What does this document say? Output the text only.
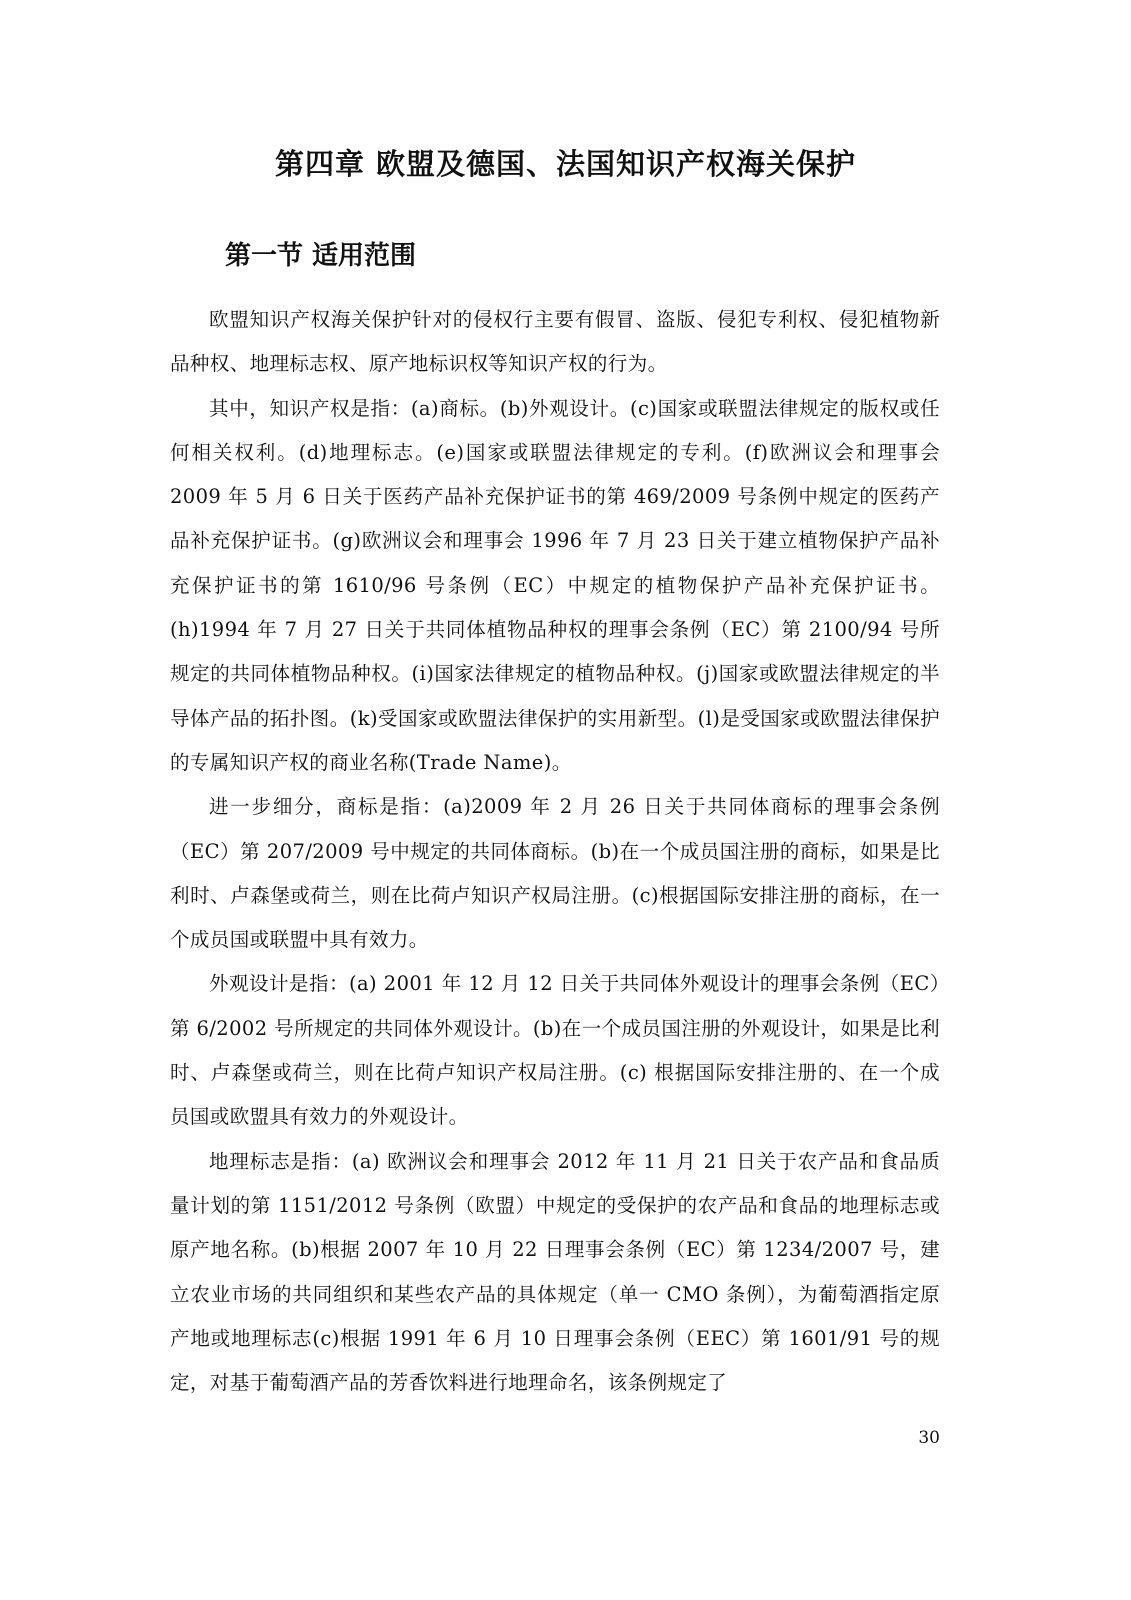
第四章 欧盟及德国、法国知识产权海关保护
第一节 适用范围

欧盟知识产权海关保护针对的侵权行主要有假冒、盗版、侵犯专利权、侵犯植物新品种权、地理标志权、原产地标识权等知识产权的行为。

其中，知识产权是指：(a)商标。(b)外观设计。(c)国家或联盟法律规定的版权或任何相关权利。(d)地理标志。(e)国家或联盟法律规定的专利。(f)欧洲议会和理事会 2009 年 5 月 6 日关于医药产品补充保护证书的第 469/2009 号条例中规定的医药产品补充保护证书。(g)欧洲议会和理事会 1996 年 7 月 23 日关于建立植物保护产品补充保护证书的第 1610/96 号条例（EC）中规定的植物保护产品补充保护证书。(h)1994 年 7 月 27 日关于共同体植物品种权的理事会条例（EC）第 2100/94 号所规定的共同体植物品种权。(i)国家法律规定的植物品种权。(j)国家或欧盟法律规定的半导体产品的拓扑图。(k)受国家或欧盟法律保护的实用新型。(l)是受国家或欧盟法律保护的专属知识产权的商业名称(Trade Name)。

进一步细分，商标是指：(a)2009 年 2 月 26 日关于共同体商标的理事会条例（EC）第 207/2009 号中规定的共同体商标。(b)在一个成员国注册的商标，如果是比利时、卢森堡或荷兰，则在比荷卢知识产权局注册。(c)根据国际安排注册的商标，在一个成员国或联盟中具有效力。

外观设计是指：(a) 2001 年 12 月 12 日关于共同体外观设计的理事会条例（EC）第 6/2002 号所规定的共同体外观设计。(b)在一个成员国注册的外观设计，如果是比利时、卢森堡或荷兰，则在比荷卢知识产权局注册。(c) 根据国际安排注册的、在一个成员国或欧盟具有效力的外观设计。

地理标志是指：(a) 欧洲议会和理事会 2012 年 11 月 21 日关于农产品和食品质量计划的第 1151/2012 号条例（欧盟）中规定的受保护的农产品和食品的地理标志或原产地名称。(b)根据 2007 年 10 月 22 日理事会条例（EC）第 1234/2007 号，建立农业市场的共同组织和某些农产品的具体规定（单一 CMO 条例），为葡萄酒指定原产地或地理标志(c)根据 1991 年 6 月 10 日理事会条例（EEC）第 1601/91 号的规定，对基于葡萄酒产品的芳香饮料进行地理命名，该条例规定了

30
